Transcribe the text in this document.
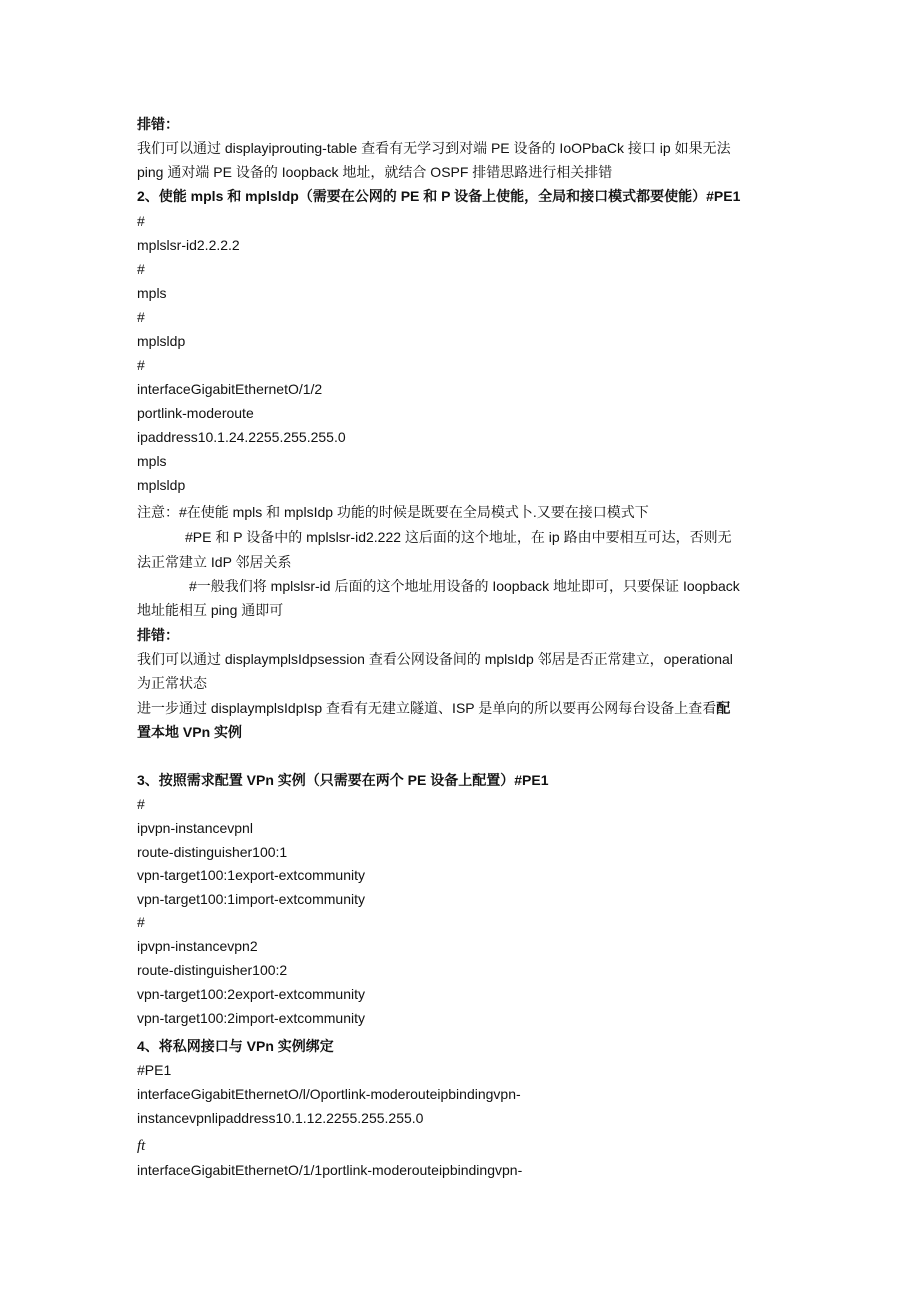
排错：
我们可以通过 displayiprouting-table 查看有无学习到对端 PE 设备的 IoOPbaCk 接口 ip 如果无法
ping 通对端 PE 设备的 Ioopback 地址，就结合 OSPF 排错思路进行相关排错
2、使能 mpls 和 mplsldp（需要在公网的 PE 和 P 设备上使能，全局和接口模式都要使能）#PE1
#
mplslsr-id2.2.2.2
#
mpls
#
mplsldp
#
interfaceGigabitEthernetO/1/2
portlink-moderoute
ipaddress10.1.24.2255.255.255.0
mpls
mplsldp
注意：#在使能 mpls 和 mplsIdp 功能的时候是既要在全局模式卜.又要在接口模式下
#PE 和 P 设备中的 mplslsr-id2.222 这后面的这个地址，在 ip 路由中要相互可达，否则无
法正常建立 IdP 邻居关系
#一般我们将 mplslsr-id 后面的这个地址用设备的 Ioopback 地址即可，只要保证 Ioopback
地址能相互 ping 通即可
排错：
我们可以通过 displaymplsIdpsession 查看公网设备间的 mplsIdp 邻居是否正常建立，operational
为正常状态
进一步通过 displaymplsIdpIsp 查看有无建立隧道、ISP 是单向的所以要再公网每台设备上查看配
置本地 VPn 实例
3、按照需求配置 VPn 实例（只需要在两个 PE 设备上配置）#PE1
#
ipvpn-instancevpnl
route-distinguisher100:1
vpn-target100:1export-extcommunity
vpn-target100:1import-extcommunity
#
ipvpn-instancevpn2
route-distinguisher100:2
vpn-target100:2export-extcommunity
vpn-target100:2import-extcommunity
4、将私网接口与 VPn 实例绑定
#PE1
interfaceGigabitEthernetO/l/Oportlink-moderouteipbindingvpn-
instancevpnlipaddress10.1.12.2255.255.255.0
ft
interfaceGigabitEthernetO/1/1portlink-moderouteipbindingvpn-
